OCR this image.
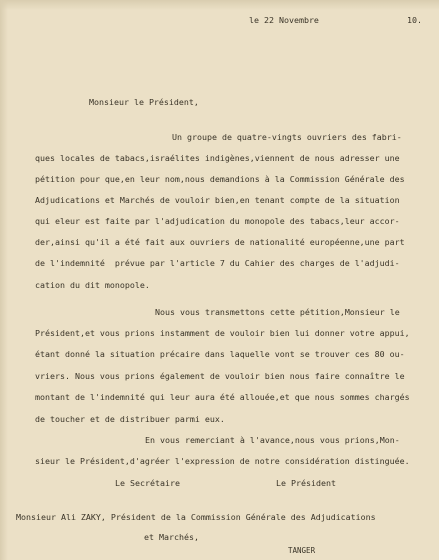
le 22 Novembre	10.
Monsieur le Président,
Un groupe de quatre-vingts ouvriers des fabri-
ques locales de tabacs,israélites indigènes,viennent de nous adresser une
pétition pour que,en leur nom,nous demandions à la Commission Générale des
Adjudications et Marchés de vouloir bien,en tenant compte de la situation
qui eleur est faite par l'adjudication du monopole des tabacs,leur accor-
der,ainsi qu'il a été fait aux ouvriers de nationalité européenne,une part
de l'indemnité  prévue par l'article 7 du Cahier des charges de l'adjudi-
cation du dit monopole.
Nous vous transmettons cette pétition,Monsieur le
Président,et vous prions instamment de vouloir bien lui donner votre appui,
étant donné la situation précaire dans laquelle vont se trouver ces 80 ou-
vriers. Nous vous prions également de vouloir bien nous faire connaître le
montant de l'indemnité qui leur aura été allouée,et que nous sommes chargés
de toucher et de distribuer parmi eux.
En vous remerciant à l'avance,nous vous prions,Mon-
sieur le Président,d'agréer l'expression de notre considération distinguée.
Le Secrétaire	Le Président
Monsieur Ali ZAKY, Président de la Commission Générale des Adjudications
et Marchés,
TANGER
